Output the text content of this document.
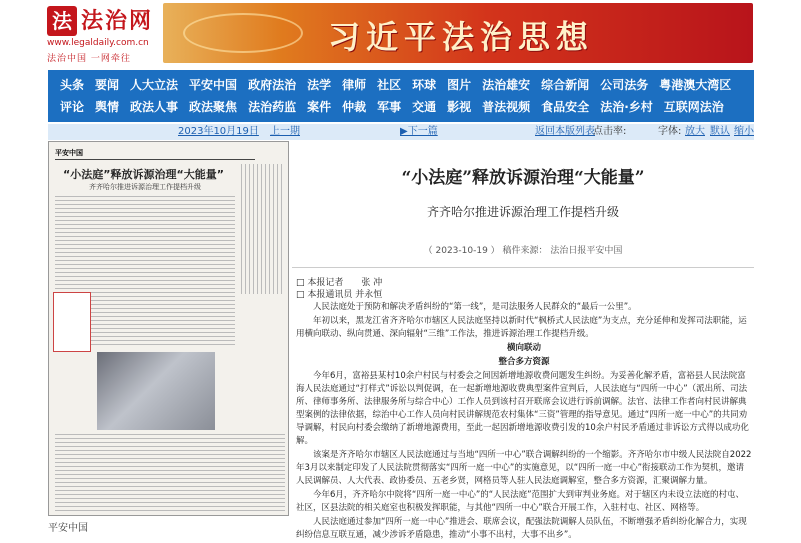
法 法治网
www.legaldaily.com.cn
法治中国 一网牵往
习近平法治思想
头条 要闻 人大立法 平安中国 政府法治 法学 律师 社区 环球 图片 法治雄安 综合新闻 公司法务 粤港澳大湾区
评论 舆情 政法人事 政法聚焦 法治药监 案件 仲裁 军事 交通 影视 普法视频 食品安全 法治·乡村 互联网法治
2023年10月19日 上一期	▶下一篇	返回本版列表
点击率:	字体: 放大 默认 缩小
平安中国
“小法庭”释放诉源治理“大能量”
齐齐哈尔推进诉源治理工作提档升级
平安中国
“小法庭”释放诉源治理“大能量”
齐齐哈尔推进诉源治理工作提档升级
（ 2023-10-19 ） 稿件来源： 法治日报平安中国
□ 本报记者　　张 冲
□ 本报通讯员 并永恒

人民法庭处于预防和解决矛盾纠纷的“第一线”，是司法服务人民群众的“最后一公里”。

年初以来，黑龙江省齐齐哈尔市辖区人民法庭坚持以新时代“枫桥式人民法庭”为支点，充分延伸和发挥司法职能，运用横向联动、纵向贯通、深向辐射“三维”工作法，推进诉源治理工作提档升级。

横向联动

整合多方资源

今年6月，富裕县某村10余户村民与村委会之间因新增地源收费问题发生纠纷。为妥善化解矛盾，富裕县人民法院富海人民法庭通过“打样式”诉讼以判促调，在一起新增地源收费典型案件宣判后，人民法庭与“四所一中心”（派出所、司法所、律师事务所、法律服务所与综合中心）工作人员到该村召开联席会议进行诉前调解。法官、法律工作者向村民讲解典型案例的法律依据，综治中心工作人员向村民讲解规范农村集体“三资”管理的指导意见。通过“四所一庭一中心”的共同劝导调解，村民向村委会缴纳了新增地源费用，至此一起因新增地源收费引发的10余户村民矛盾通过非诉讼方式得以成功化解。

该案是齐齐哈尔市辖区人民法庭通过与当地“四所一中心”联合调解纠纷的一个缩影。齐齐哈尔市中级人民法院自2022年3月以来制定印发了人民法院贯彻落实“四所一庭一中心”的实施意见，以“四所一庭一中心”衔接联动工作为契机，邀请人民调解员、人大代表、政协委员、五老乡贤，网格员等人驻人民法庭调解室，整合多方资源，汇聚调解力量。

今年6月，齐齐哈尔中院将“四所一庭一中心”的“人民法庭”范围扩大到审判业务庭。对于辖区内未设立法庭的村屯、社区，区县法院的相关庭室也积极发挥职能，与其他“四所一中心”联合开展工作，入驻村屯、社区、网格等。

人民法庭通过参加“四所一庭一中心”推进会、联席会议，配强法院调解人员队伍，不断增强矛盾纠纷化解合力，实现纠纷信息互联互通，减少涉诉矛盾隐患，推动“小事不出村，大事不出乡”。
